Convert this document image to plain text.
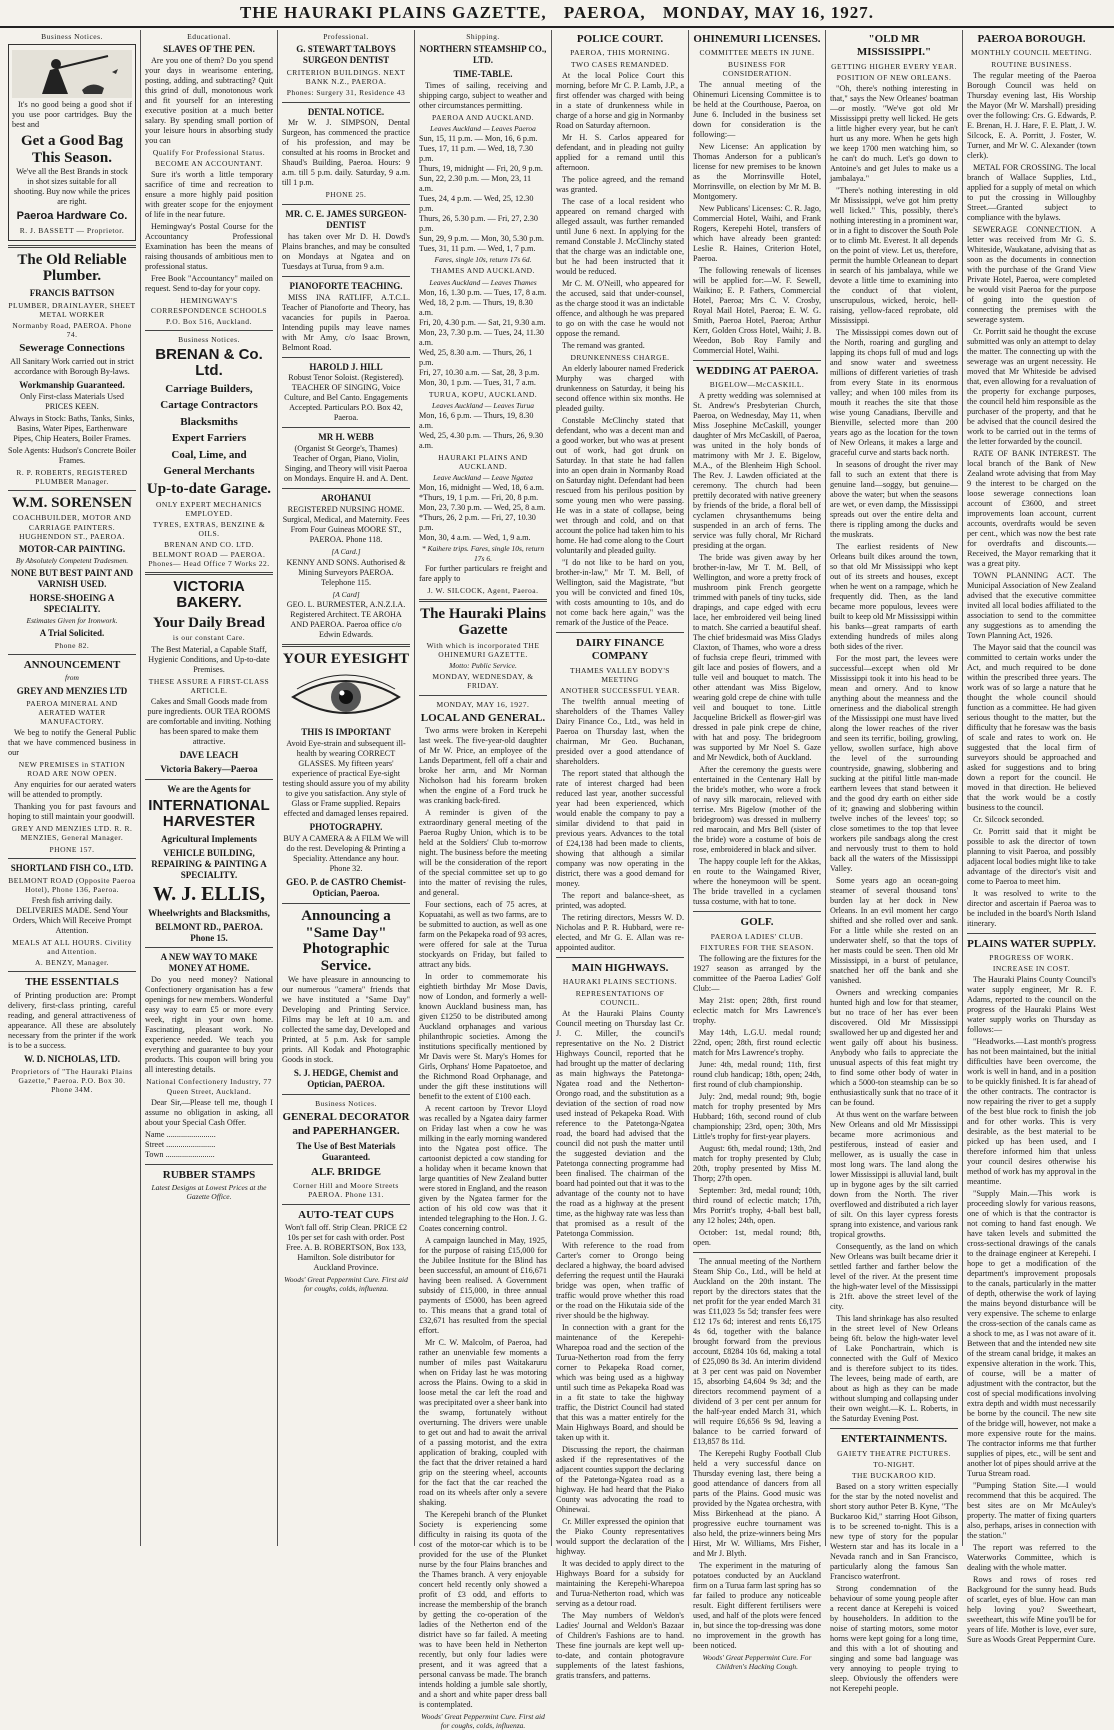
THE HAURAKI PLAINS GAZETTE, PAEROA, MONDAY, MAY 16, 1927.
Business Notices.

It's no good being a good shot if you use poor cartridges. Buy the best and

Get a Good Bag This Season.

We've all the Best Brands in stock in shot sizes suitable for all shooting. Buy now while the prices are right.

Paeroa Hardware Co.
R. J. BASSETT — Proprietor.
The Old Reliable Plumber.
FRANCIS BATTSON
PLUMBER, DRAINLAYER, SHEET METAL WORKER
Normanby Road, PAEROA. Phone 74.
Sewerage Connections

All Sanitary Work carried out in strict accordance with Borough By-laws.

Workmanship Guaranteed.

Only First-class Materials Used PRICES KEEN.

Always in Stock: Baths, Tanks, Sinks, Basins, Water Pipes, Earthenware Pipes, Chip Heaters, Boiler Frames.

Sole Agents: Hudson's Concrete Boiler Frames.

R. P. ROBERTS, REGISTERED PLUMBER Manager.
W.M. SORENSEN
COACHBUILDER, MOTOR AND CARRIAGE PAINTERS. HUGHENDON ST., PAEROA.
MOTOR-CAR PAINTING.
By Absolutely Competent Tradesmen.
NONE BUT BEST PAINT AND VARNISH USED.
HORSE-SHOEING A SPECIALITY.
Estimates Given for Ironwork.
A Trial Solicited.
Phone 82.
ANNOUNCEMENT
from
GREY AND MENZIES LTD
PAEROA MINERAL AND AERATED WATER MANUFACTORY.

We beg to notify the General Public that we have commenced business in our

NEW PREMISES in STATION ROAD ARE NOW OPEN.

Any enquiries for our aerated waters will be attended to promptly.

Thanking you for past favours and hoping to still maintain your goodwill.

GREY AND MENZIES LTD. R. R. MENZIES, General Manager.
PHONE 157.
SHORTLAND FISH CO., LTD.
BELMONT ROAD (Opposite Paeroa Hotel), Phone 136, Paeroa.

Fresh fish arriving daily. DELIVERIES MADE. Send Your Orders, Which Will Receive Prompt Attention.

MEALS AT ALL HOURS. Civility and Attention.
A. BENZY, Manager.
THE ESSENTIALS

of Printing production are: Prompt delivery, first-class printing, careful reading, and general attractiveness of appearance. All these are absolutely necessary from the printer if the work is to be a success.

W. D. NICHOLAS, LTD.
Proprietors of "The Hauraki Plains Gazette," Paeroa. P.O. Box 30. Phone 34M.
Educational.
SLAVES OF THE PEN.

Are you one of them? Do you spend your days in wearisome entering, posting, adding, and subtracting? Quit this grind of dull, monotonous work and fit yourself for an interesting executive position at a much better salary. By spending small portion of your leisure hours in absorbing study you can

Qualify For Professional Status.
BECOME AN ACCOUNTANT.

Sure it's worth a little temporary sacrifice of time and recreation to ensure a more highly paid position with greater scope for the enjoyment of life in the near future.

Hemingway's Postal Course for the Accountancy Professional Examination has been the means of raising thousands of ambitious men to professional status.

Free Book "Accountancy" mailed on request. Send to-day for your copy.

HEMINGWAY'S CORRESPONDENCE SCHOOLS
P.O. Box 516, Auckland.
Business Notices.
BRENAN & Co. Ltd.
Carriage Builders,
Cartage Contractors
Blacksmiths
Expert Farriers
Coal, Lime, and
General Merchants
Up-to-date Garage.
ONLY EXPERT MECHANICS EMPLOYED.
TYRES, EXTRAS, BENZINE & OILS.
BRENAN AND CO. LTD. BELMONT ROAD — PAEROA. Phones— Head Office 7 Works 22.
VICTORIA BAKERY.
Your Daily Bread
is our constant Care.

The Best Material, a Capable Staff, Hygienic Conditions, and Up-to-date Premises.

THESE ASSURE A FIRST-CLASS ARTICLE.

Cakes and Small Goods made from pure ingredients. OUR TEA ROOMS are comfortable and inviting. Nothing has been spared to make them attractive.

DAVE LEACH
Victoria Bakery—Paeroa
We are the Agents for
INTERNATIONAL HARVESTER
Agricultural Implements
VEHICLE BUILDING, REPAIRING & PAINTING A SPECIALITY.
W. J. ELLIS,
Wheelwrights and Blacksmiths,
BELMONT RD., PAEROA. Phone 15.
A NEW WAY TO MAKE MONEY AT HOME.

Do you need money? National Confectionery organisation has a few openings for new members. Wonderful easy way to earn £5 or more every week, right in your own home. Fascinating, pleasant work. No experience needed. We teach you everything and guarantee to buy your products. This coupon will bring you all interesting details.

National Confectionery Industry, 77 Queen Street, Auckland.

Dear Sir,—Please tell me, though I assume no obligation in asking, all about your Special Cash Offer.

Name ........................
Street ........................
Town ........................
RUBBER STAMPS
Latest Designs at Lowest Prices at the Gazette Office.
Professional.
G. STEWART TALBOYS SURGEON DENTIST
CRITERION BUILDINGS. NEXT BANK N.Z., PAEROA.
Phones: Surgery 31, Residence 43
DENTAL NOTICE.

Mr W. J. SIMPSON, Dental Surgeon, has commenced the practice of his profession, and may be consulted at his rooms in Brocket and Shaud's Building, Paeroa. Hours: 9 a.m. till 5 p.m. daily. Saturday, 9 a.m. till 1 p.m.

PHONE 25.
MR. C. E. JAMES SURGEON-DENTIST

has taken over Mr D. H. Dowd's Plains branches, and may be consulted on Mondays at Ngatea and on Tuesdays at Turua, from 9 a.m.

PIANOFORTE TEACHING.

MISS INA RATLIFF, A.T.C.L. Teacher of Pianoforte and Theory, has vacancies for pupils in Paeroa. Intending pupils may leave names with Mr Amy, c/o Isaac Brown, Belmont Road.

HAROLD J. HILL

Robust Tenor Soloist. (Registered). TEACHER OF SINGING, Voice Culture, and Bel Canto. Engagements Accepted. Particulars P.O. Box 42, Paeroa.

MR H. WEBB

(Organist St George's, Thames) Teacher of Organ, Piano, Violin, Singing, and Theory will visit Paeroa on Mondays. Enquire H. and A. Dent.

AROHANUI

REGISTERED NURSING HOME. Surgical, Medical, and Maternity. Fees From Four Guineas MOORE ST., PAEROA. Phone 118.

[A Card.]

KENNY AND SONS. Authorised & Mining Surveyors PAEROA. Telephone 115.

[A Card]

GEO. L. BURMESTER, A.N.Z.I.A. Registered Architect. TE AROHA AND PAEROA. Paeroa office c/o Edwin Edwards.

YOUR EYESIGHT
THIS IS IMPORTANT

Avoid Eye-strain and subsequent ill-health by wearing CORRECT GLASSES. My fifteen years' experience of practical Eye-sight testing should assure you of my ability to give you satisfaction. Any style of Glass or Frame supplied. Repairs effected and damaged lenses repaired.

PHOTOGRAPHY.

BUY A CAMERA & A FILM We will do the rest. Developing & Printing a Speciality. Attendance any hour. Phone 32.

GEO. P. de CASTRO Chemist-Optician, Paeroa.
Announcing a "Same Day" Photographic Service.

We have pleasure in announcing to our numerous "camera" friends that we have instituted a "Same Day" Developing and Printing Service. Films may be left at 10 a.m. and collected the same day, Developed and Printed, at 5 p.m. Ask for sample prints. All Kodak and Photographic Goods in stock.

S. J. HEDGE, Chemist and Optician, PAEROA.
Business Notices.
GENERAL DECORATOR and PAPERHANGER.
The Use of Best Materials Guaranteed.
ALF. BRIDGE
Corner Hill and Moore Streets PAEROA. Phone 131.
AUTO-TEAT CUPS

Won't fall off. Strip Clean. PRICE £2 10s per set for cash with order. Post Free. A. B. ROBERTSON, Box 133, Hamilton. Sole distributor for Auckland Province.

Woods' Great Peppermint Cure. First aid for coughs, colds, influenza.
Shipping.
NORTHERN STEAMSHIP CO., LTD.
TIME-TABLE.

Times of sailing, receiving and shipping cargo, subject to weather and other circumstances permitting.

PAEROA AND AUCKLAND.
Leaves Auckland — Leaves Paeroa
Sun, 15, 11 p.m. — Mon, 16, 6 p.m.
Tues, 17, 11 p.m. — Wed, 18, 7.30 p.m.
Thurs, 19, midnight — Fri, 20, 9 p.m.
Sun, 22, 2.30 p.m. — Mon, 23, 11 a.m.
Tues, 24, 4 p.m. — Wed, 25, 12.30 p.m.
Thurs, 26, 5.30 p.m. — Fri, 27, 2.30 p.m.
Sun, 29, 9 p.m. — Mon, 30, 5.30 p.m.
Tues, 31, 11 p.m. — Wed, 1, 7 p.m.
Fares, single 10s, return 17s 6d.
THAMES AND AUCKLAND.
Leaves Auckland — Leaves Thames
Mon, 16, 1.30 p.m. — Tues, 17, 8 a.m.
Wed, 18, 2 p.m. — Thurs, 19, 8.30 a.m.
Fri, 20, 4.30 p.m. — Sat, 21, 9.30 a.m.
Mon, 23, 7.30 p.m. — Tues, 24, 11.30 a.m.
Wed, 25, 8.30 a.m. — Thurs, 26, 1 p.m.
Fri, 27, 10.30 a.m. — Sat, 28, 3 p.m.
Mon, 30, 1 p.m. — Tues, 31, 7 a.m.
TURUA, KOPU, AUCKLAND.
Leaves Auckland — Leaves Turua
Mon, 16, 6 p.m. — Thurs, 19, 8.30 a.m.
Wed, 25, 4.30 p.m. — Thurs, 26, 9.30 a.m.
HAURAKI PLAINS AND AUCKLAND.
Leave Auckland — Leave Ngatea
Mon, 16, midnight — Wed, 18, 6 a.m.
*Thurs, 19, 1 p.m. — Fri, 20, 8 p.m.
Mon, 23, 7.30 p.m. — Wed, 25, 8 a.m.
*Thurs, 26, 2 p.m. — Fri, 27, 10.30 p.m.
Mon, 30, 4 a.m. — Wed, 1, 9 a.m.
* Kaihere trips. Fares, single 10s, return 17s 6.

For further particulars re freight and fare apply to

J. W. SILCOCK, Agent, Paeroa.
The Hauraki Plains Gazette
With which is incorporated THE OHINEMURI GAZETTE.
Motto: Public Service.
MONDAY, WEDNESDAY, & FRIDAY.
MONDAY, MAY 16, 1927.
LOCAL AND GENERAL.

Two arms were broken in Kerepehi last week. The five-year-old daughter of Mr W. Price, an employee of the Lands Department, fell off a chair and broke her arm, and Mr Norman Nicholson had his forearm broken when the engine of a Ford truck he was cranking back-fired.

A reminder is given of the extraordinary general meeting of the Paeroa Rugby Union, which is to be held at the Soldiers' Club to-morrow night. The business before the meeting will be the consideration of the report of the special committee set up to go into the matter of revising the rules, and general.

Four sections, each of 75 acres, at Kopuatahi, as well as two farms, are to be submitted to auction, as well as one farm on the Pekapeka road of 93 acres, were offered for sale at the Turua stockyards on Friday, but failed to attract any bids.

In order to commemorate his eightieth birthday Mr Mose Davis, now of London, and formerly a well-known Auckland business man, has given £1250 to be distributed among Auckland orphanages and various philanthropic societies. Among the institutions specifically mentioned by Mr Davis were St. Mary's Homes for Girls, Orphans' Home Papatoetoe, and the Richmond Road Orphanage, and under the gift these institutions will benefit to the extent of £100 each.

A recent cartoon by Trevor Lloyd was recalled by a Ngatea dairy farmer on Friday last when a cow he was milking in the early morning wandered into the Ngatea post office. The cartoonist depicted a cow standing for a holiday when it became known that large quantities of New Zealand butter were stored in England, and the reason given by the Ngatea farmer for the action of his old cow was that it intended telegraphing to the Hon. J. G. Coates concerning control.

A campaign launched in May, 1925, for the purpose of raising £15,000 for the Jubilee Institute for the Blind has been successful, an amount of £16,671 having been realised. A Government subsidy of £15,000, in three annual payments of £5000, has been agreed to. This means that a grand total of £32,671 has resulted from the special effort.

Mr C. W. Malcolm, of Paeroa, had rather an unenviable few moments a number of miles past Waitakaruru when on Friday last he was motoring across the Plains. Owing to a skid in loose metal the car left the road and was precipitated over a sheer bank into the swamp, fortunately without overturning. The drivers were unable to get out and had to await the arrival of a passing motorist, and the extra application of braking, coupled with the fact that the driver retained a hard grip on the steering wheel, accounts for the fact that the car reached the road on its wheels after only a severe shaking.

The Kerepehi branch of the Plunket Society is experiencing some difficulty in raising its quota of the cost of the motor-car which is to be provided for the use of the Plunket nurse by the four Plains branches and the Thames branch. A very enjoyable concert held recently only showed a profit of £3 odd, and efforts to increase the membership of the branch by getting the co-operation of the ladies of the Netherton end of the district have so far failed. A meeting was to have been held in Netherton recently, but only four ladies were present, and it was agreed that a personal canvass be made. The branch intends holding a jumble sale shortly, and a short and white paper dress ball is contemplated.

Woods' Great Peppermint Cure. First aid for coughs, colds, influenza.
POLICE COURT.
PAEROA, THIS MORNING.
TWO CASES REMANDED.

At the local Police Court this morning, before Mr C. P. Lamb, J.P., a first offender was charged with being in a state of drunkenness while in charge of a horse and gig in Normanby Road on Saturday afternoon.

Mr H. S. Carlos appeared for defendant, and in pleading not guilty applied for a remand until this afternoon.

The police agreed, and the remand was granted.

The case of a local resident who appeared on remand charged with alleged assault, was further remanded until June 6 next. In applying for the remand Constable J. McClinchy stated that the charge was an indictable one, but he had been instructed that it would be reduced.

Mr C. M. O'Neill, who appeared for the accused, said that under-counsel, as the charge stood it was an indictable offence, and although he was prepared to go on with the case he would not oppose the remand.

The remand was granted.

DRUNKENNESS CHARGE.

An elderly labourer named Frederick Murphy was charged with drunkenness on Saturday, it being his second offence within six months. He pleaded guilty.

Constable McClinchy stated that defendant, who was a decent man and a good worker, but who was at present out of work, had got drunk on Saturday. In that state he had fallen into an open drain in Normanby Road on Saturday night. Defendant had been rescued from his perilous position by some young men who were passing. He was in a state of collapse, being wet through and cold, and on that account the police had taken him to his home. He had come along to the Court voluntarily and pleaded guilty.

"I do not like to be hard on you, brother-in-law," Mr T. M. Bell, of Wellington, said the Magistrate, "but you will be convicted and fined 10s, with costs amounting to 10s, and do not come back here again," was the remark of the Justice of the Peace.

DAIRY FINANCE COMPANY
THAMES VALLEY BODY'S MEETING
ANOTHER SUCCESSFUL YEAR.

The twelfth annual meeting of shareholders of the Thames Valley Dairy Finance Co., Ltd., was held in Paeroa on Thursday last, when the chairman, Mr Geo. Buchanan, presided over a good attendance of shareholders.

The report stated that although the rate of interest charged had been reduced last year, another successful year had been experienced, which would enable the company to pay a similar dividend to that paid in previous years. Advances to the total of £24,138 had been made to clients, showing that although a similar company was now operating in the district, there was a good demand for money.

The report and balance-sheet, as printed, was adopted.

The retiring directors, Messrs W. D. Nicholas and P. R. Hubbard, were re-elected, and Mr G. E. Allan was re-appointed auditor.

MAIN HIGHWAYS.
HAURAKI PLAINS SECTIONS.
REPRESENTATIONS OF COUNCIL.

At the Hauraki Plains County Council meeting on Thursday last Cr. J. C. Miller, the council's representative on the No. 2 District Highways Council, reported that he had brought up the matter of declaring as main highways the Patetonga-Ngatea road and the Netherton-Orongo road, and the substitution as a deviation of the section of road now used instead of Pekapeka Road. With reference to the Patetonga-Ngatea road, the board had advised that the council did not push the matter until the suggested deviation and the Patetonga connecting programme had been finalised. The chairman of the board had pointed out that it was to the advantage of the county not to have the road as a highway at the present time, as the highway rate was less than that promised as a result of the Patetonga Commission.

With reference to the road from Carter's corner to Orongo being declared a highway, the board advised deferring the request until the Hauraki bridge was open, when traffic of traffic would prove whether this road or the road on the Hikutaia side of the river should be the highway.

In connection with a grant for the maintenance of the Kerepehi-Wharepoa road and the section of the Turua-Netherton road from the ferry corner to Pekapeka Road corner, which was being used as a highway until such time as Pekapeka Road was in a fit state to take the highway traffic, the District Council had stated that this was a matter entirely for the Main Highways Board, and should be taken up with it.

Discussing the report, the chairman asked if the representatives of the adjacent counties support the declaring of the Patetonga-Ngatea road as a highway. He had heard that the Piako County was advocating the road to Ohinewai.

Cr. Miller expressed the opinion that the Piako County representatives would support the declaration of the highway.

It was decided to apply direct to the Highways Board for a subsidy for maintaining the Kerepehi-Wharepoa and Turua-Netherton road, which was serving as a detour road.

The May numbers of Weldon's Ladies' Journal and Weldon's Bazaar of Children's Fashions are to hand. These fine journals are kept well up-to-date, and contain photogravure supplements of the latest fashions, gratis transfers, and patterns.

OHINEMURI LICENSES.
COMMITTEE MEETS IN JUNE.
BUSINESS FOR CONSIDERATION.

The annual meeting of the Ohinemuri Licensing Committee is to be held at the Courthouse, Paeroa, on June 6. Included in the business set down for consideration is the following:—

New License: An application by Thomas Anderson for a publican's license for new premises to be known as the Morrinsville Hotel, Morrinsville, on election by Mr M. B. Montgomery.

New Publicans' Licenses: C. R. Jago, Commercial Hotel, Waihi, and Frank Rogers, Kerepehi Hotel, transfers of which have already been granted: Leslie R. Haines, Criterion Hotel, Paeroa.

The following renewals of licenses will be applied for:—W. F. Sewell, Waikino; E. P. Fathers, Commercial Hotel, Paeroa; Mrs C. V. Crosby, Royal Mail Hotel, Paeroa; E. W. G. Smith, Paeroa Hotel, Paeroa; Arthur Kerr, Golden Cross Hotel, Waihi; J. B. Weedon, Bob Roy Family and Commercial Hotel, Waihi.

WEDDING AT PAEROA.
BIGELOW—McCASKILL.

A pretty wedding was solemnised at St. Andrew's Presbyterian Church, Paeroa, on Wednesday, May 11, when Miss Josephine McCaskill, younger daughter of Mrs McCaskill, of Paeroa, was united in the holy bonds of matrimony with Mr J. E. Bigelow, M.A., of the Blenheim High School. The Rev. J. Lawden officiated at the ceremony. The church had been prettily decorated with native greenery by friends of the bride, a floral bell of cyclamen chrysanthemums being suspended in an arch of ferns. The service was fully choral, Mr Richard presiding at the organ.

The bride was given away by her brother-in-law, Mr T. M. Bell, of Wellington, and wore a pretty frock of mushroom pink French georgette trimmed with panels of tiny tucks, side drapings, and cape edged with ecru lace, her embroidered veil being lined to match. She carried a beautiful sheaf. The chief bridesmaid was Miss Gladys Claxton, of Thames, who wore a dress of fuchsia crepe fleuri, trimmed with gilt lace and posies of flowers, and a tulle veil and bouquet to match. The other attendant was Miss Bigelow, wearing gold crepe de chine with tulle veil and bouquet to tone. Little Jacqueline Brickell as flower-girl was dressed in pale pink crepe de chine, with hat and posy. The bridegroom was supported by Mr Noel S. Gaze and Mr Newdick, both of Auckland.

After the ceremony the guests were entertained in the Centenary Hall by the bride's mother, who wore a frock of navy silk marocain, relieved with terrise. Mrs Bigelow (mother of the bridegroom) was dressed in mulberry red marocain, and Mrs Bell (sister of the bride) wore a costume of bois de rose, embroidered in black and silver.

The happy couple left for the Akkas, en route to the Waingamed River, where the honeymoon will be spent. The bride travelled in a cyclamen tussa costume, with hat to tone.

GOLF.
PAEROA LADIES' CLUB.
FIXTURES FOR THE SEASON.

The following are the fixtures for the 1927 season as arranged by the committee of the Paeroa Ladies' Golf Club:—

May 21st: open; 28th, first round eclectic match for Mrs Lawrence's trophy.

May 14th, L.G.U. medal round; 22nd, open; 28th, first round eclectic match for Mrs Lawrence's trophy.

June: 4th, medal round; 11th, first round club handicap; 18th, open; 24th, first round of club championship.

July: 2nd, medal round; 9th, bogie match for trophy presented by Mrs Hubbard; 16th, second round of club championship; 23rd, open; 30th, Mrs Little's trophy for first-year players.

August: 6th, medal round; 13th, 2nd match for trophy presented by Club; 20th, trophy presented by Miss M. Thorp; 27th open.

September: 3rd, medal round; 10th, third round of eclectic match; 17th, Mrs Porritt's trophy, 4-ball best ball, any 12 holes; 24th, open.

October: 1st, medal round; 8th, open.

The annual meeting of the Northern Steam Ship Co., Ltd., will be held at Auckland on the 20th instant. The report by the directors states that the net profit for the year ended March 31 was £11,023 5s 5d; transfer fees were £12 17s 6d; interest and rents £6,175 4s 6d, together with the balance brought forward from the previous account, £8284 10s 6d, making a total of £25,090 8s 3d. An interim dividend at 3 per cent was paid on November 15, absorbing £4,604 9s 3d; and the directors recommend payment of a dividend of 3 per cent per annum for the half-year ended March 31, which will require £6,656 9s 9d, leaving a balance to be carried forward of £13,857 8s 11d.

The Kerepehi Rugby Football Club held a very successful dance on Thursday evening last, there being a good attendance of dancers from all parts of the Plains. Good music was provided by the Ngatea orchestra, with Miss Birkenhead at the piano. A progressive euchre tournament was also held, the prize-winners being Mrs Hirst, Mr W. Williams, Mrs Fisher, and Mr J. Blyth.

The experiment in the maturing of potatoes conducted by an Auckland firm on a Turua farm last spring has so far failed to produce any noticeable result. Eight different fertilisers were used, and half of the plots were fenced in, but since the top-dressing was done no improvement in the growth has been noticed.

Woods' Great Peppermint Cure. For Children's Hacking Cough.
"OLD MR MISSISSIPPI."
GETTING HIGHER EVERY YEAR.
POSITION OF NEW ORLEANS.

"Oh, there's nothing interesting in that," says the New Orleanes' boatman—or mostly. "We've got old Mr Mississippi pretty well licked. He gets a little higher every year, but he can't hurt us any more. When he gets high we keep 1700 men watching him, so he can't do much. Let's go down to Antoine's and get Jules to make us a jambalaya."

"There's nothing interesting in old Mr Mississippi, we've got him pretty well licked." This, possibly, there's nothing interesting in a prominent war, or in a fight to discover the South Pole or to climb Mt. Everest. It all depends on the point of view. Let us, therefore, permit the humble Orleanean to depart in search of his jambalaya, while we devote a little time to examining into the conduct of that violent, unscrupulous, wicked, heroic, hell-raising, yellow-faced reprobate, old Mississippi.

The Mississippi comes down out of the North, roaring and gurgling and lapping its chops full of mud and logs and snow water and sweetness millions of different varieties of trash from every State in its enormous valley; and when 100 miles from its mouth it reaches the site that those wise young Canadians, Iberville and Bienville, selected more than 200 years ago as the location for the town of New Orleans, it makes a large and graceful curve and starts back north.

In seasons of drought the river may fall to such an extent that there is genuine land—soggy, but genuine—above the water; but when the seasons are wet, or even damp, the Mississippi spreads out over the entire delta and there is rippling among the ducks and the muskrats.

The earliest residents of New Orleans built dikes around the town, so that old Mr Mississippi who kept out of its streets and houses, except when he went on a rampage, which he frequently did. Then, as the land became more populous, levees were built to keep old Mr Mississippi within his banks—great ramparts of earth extending hundreds of miles along both sides of the river.

For the most part, the levees were successful—except when old Mr Mississippi took it into his head to be mean and ornery. And to know anything about the meanness and the orneriness and the diabolical strength of the Mississippi one must have lived along the lower reaches of the river and seen its terrific, boiling, growling, yellow, swollen surface, high above the level of the surrounding countryside, gnawing, slobbering and sucking at the pitiful little man-made earthern levees that stand between it and the good dry earth on either side of it; gnawing and slobbering within twelve inches of the levees' top; so close sometimes to the top that levee workers pile sandbags along the crest and nervously trust to them to hold back all the waters of the Mississippi Valley.

Some years ago an ocean-going steamer of several thousand tons' burden lay at her dock in New Orleans. In an evil moment her cargo shifted and she rolled over and sank. For a little while she rested on an underwater shelf, so that the tops of her masts could be seen. Then old Mr Mississippi, in a burst of petulance, snatched her off the bank and she vanished.

Owners and wrecking companies hunted high and low for that steamer, but no trace of her has ever been discovered. Old Mr Mississippi swallowed her up and digested her and went gaily off about his business. Anybody who fails to appreciate the unusual aspects of this feat might try to find some other body of water in which a 5000-ton steamship can be so enthusiastically sunk that no trace of it can be found.

At thus went on the warfare between New Orleans and old Mr Mississippi became more acrimonious and pestiferous, instead of easier and mellower, as is usually the case in most long wars. The land along the lower Mississippi is alluvial land, built up in bygone ages by the silt carried down from the North. The river overflowed and distributed a rich layer of silt. On this layer cypress forests sprang into existence, and various rank tropical growths.

Consequently, as the land on which New Orleans was built became drier it settled farther and farther below the level of the river. At the present time the high-water level of the Mississippi is 21ft. above the street level of the city.

This land shrinkage has also resulted in the street level of New Orleans being 6ft. below the high-water level of Lake Ponchartrain, which is connected with the Gulf of Mexico and is therefore subject to its tides. The levees, being made of earth, are about as high as they can be made without slumping and collapsing under their own weight.—K. L. Roberts, in the Saturday Evening Post.

ENTERTAINMENTS.
GAIETY THEATRE PICTURES.
TO-NIGHT.
THE BUCKAROO KID.

Based on a story written especially for the star by the noted novelist and short story author Peter B. Kyne, "The Buckaroo Kid," starring Hoot Gibson, is to be screened to-night. This is a new type of story for the popular Western star and has its locale in a Nevada ranch and in San Francisco, particularly along the famous San Francisco waterfront.

Strong condemnation of the behaviour of some young people after a recent dance at Kerepehi is voiced by householders. In addition to the noise of starting motors, some motor horns were kept going for a long time, and this with a lot of shouting and singing and some bad language was very annoying to people trying to sleep. Obviously the offenders were not Kerepehi people.

PAEROA BOROUGH.
MONTHLY COUNCIL MEETING.
ROUTINE BUSINESS.

The regular meeting of the Paeroa Borough Council was held on Thursday evening last, His Worship the Mayor (Mr W. Marshall) presiding over the following: Crs. G. Edwards, P. E. Brenan, H. J. Hare, F. E. Platt, J. W. Silcock, E. A. Porritt, J. Foster, W. Turner, and Mr W. C. Alexander (town clerk).

METAL FOR CROSSING. The local branch of Wallace Supplies, Ltd., applied for a supply of metal on which to put the crossing in Willoughby Street.—Granted subject to compliance with the bylaws.

SEWERAGE CONNECTION. A letter was received from Mr G. S. Whiteside, Waukatane, advising that as soon as the documents in connection with the purchase of the Grand View Private Hotel, Paeroa, were completed he would visit Paeroa for the purpose of going into the question of connecting the premises with the sewerage system.

Cr. Porritt said he thought the excuse submitted was only an attempt to delay the matter. The connecting up with the sewerage was an urgent necessity. He moved that Mr Whiteside be advised that, even allowing for a revaluation of the property for exchange purposes, the council held him responsible as the purchaser of the property, and that he be advised that the council desired the work to be carried out in the terms of the letter forwarded by the council.

RATE OF BANK INTEREST. The local branch of the Bank of New Zealand wrote advising that from May 9 the interest to be charged on the loose sewerage connections loan account of £3600, and street improvements loan account, current accounts, overdrafts would be seven per cent., which was now the best rate for overdrafts and discounts.—Received, the Mayor remarking that it was a great pity.

TOWN PLANNING ACT. The Municipal Association of New Zealand advised that the executive committee invited all local bodies affiliated to the association to send to the committee any suggestions as to amending the Town Planning Act, 1926.

The Mayor said that the council was committed to certain works under the Act, and much required to be done within the prescribed three years. The work was of so large a nature that he thought the whole council should function as a committee. He had given serious thought to the matter, but the difficulty that he foresaw was the basis of scale and rates to work on. He suggested that the local firm of surveyors should be approached and asked for suggestions and to bring down a report for the council. He moved in that direction. He believed that the work would be a costly business to the council.

Cr. Silcock seconded.

Cr. Porritt said that it might be possible to ask the director of town planning to visit Paeroa, and possibly adjacent local bodies might like to take advantage of the director's visit and come to Paeroa to meet him.

It was resolved to write to the director and ascertain if Paeroa was to be included in the board's North Island itinerary.

PLAINS WATER SUPPLY.
PROGRESS OF WORK.
INCREASE IN COST.

The Hauraki Plains County Council's water supply engineer, Mr R. F. Adams, reported to the council on the progress of the Hauraki Plains West water supply works on Thursday as follows:—

"Headworks.—Last month's progress has not been maintained, but the initial difficulties have been overcome, the work is well in hand, and in a position to be quickly finished. It is far ahead of the other contracts. The contractor is now repairing the river to get a supply of the best blue rock to finish the job and for other works. This is very desirable, as the best material to be picked up has been used, and I therefore informed him that unless your council desires otherwise his method of work has my approval in the meantime.

"Supply Main.—This work is proceeding slowly for various reasons, one of which is that the contractor is not coming to hand fast enough. We have taken levels and submitted the cross-sectional drawings of the canals to the drainage engineer at Kerepehi. I hope to get a modification of the department's improvement proposals to the canals, particularly in the matter of depth, otherwise the work of laying the mains beyond disturbance will be very expensive. The scheme to enlarge the cross-section of the canals came as a shock to me, as I was not aware of it. Between that and the intended new site of the stream canal bridge, it makes an expensive alteration in the work. This, of course, will be a matter of adjustment with the contractor, but the cost of special modifications involving extra depth and width must necessarily be borne by the council. The new site of the bridge will, however, not make a more expensive route for the mains. The contractor informs me that further supplies of pipes, etc., will be sent and another lot of pipes should arrive at the Turua Stream road.

"Pumping Station Site.—I would recommend that this be acquired. The best sites are on Mr McAuley's property. The matter of fixing quarters also, perhaps, arises in connection with the station."

The report was referred to the Waterworks Committee, which is dealing with the whole matter.

Rows and rows of roses red Background for the sunny head. Buds of scarlet, eyes of blue. How can man help loving you? Sweetheart, sweetheart, this wife Mine you'll be for years of life. Mother is love, ever sure, Sure as Woods Great Peppermint Cure.
